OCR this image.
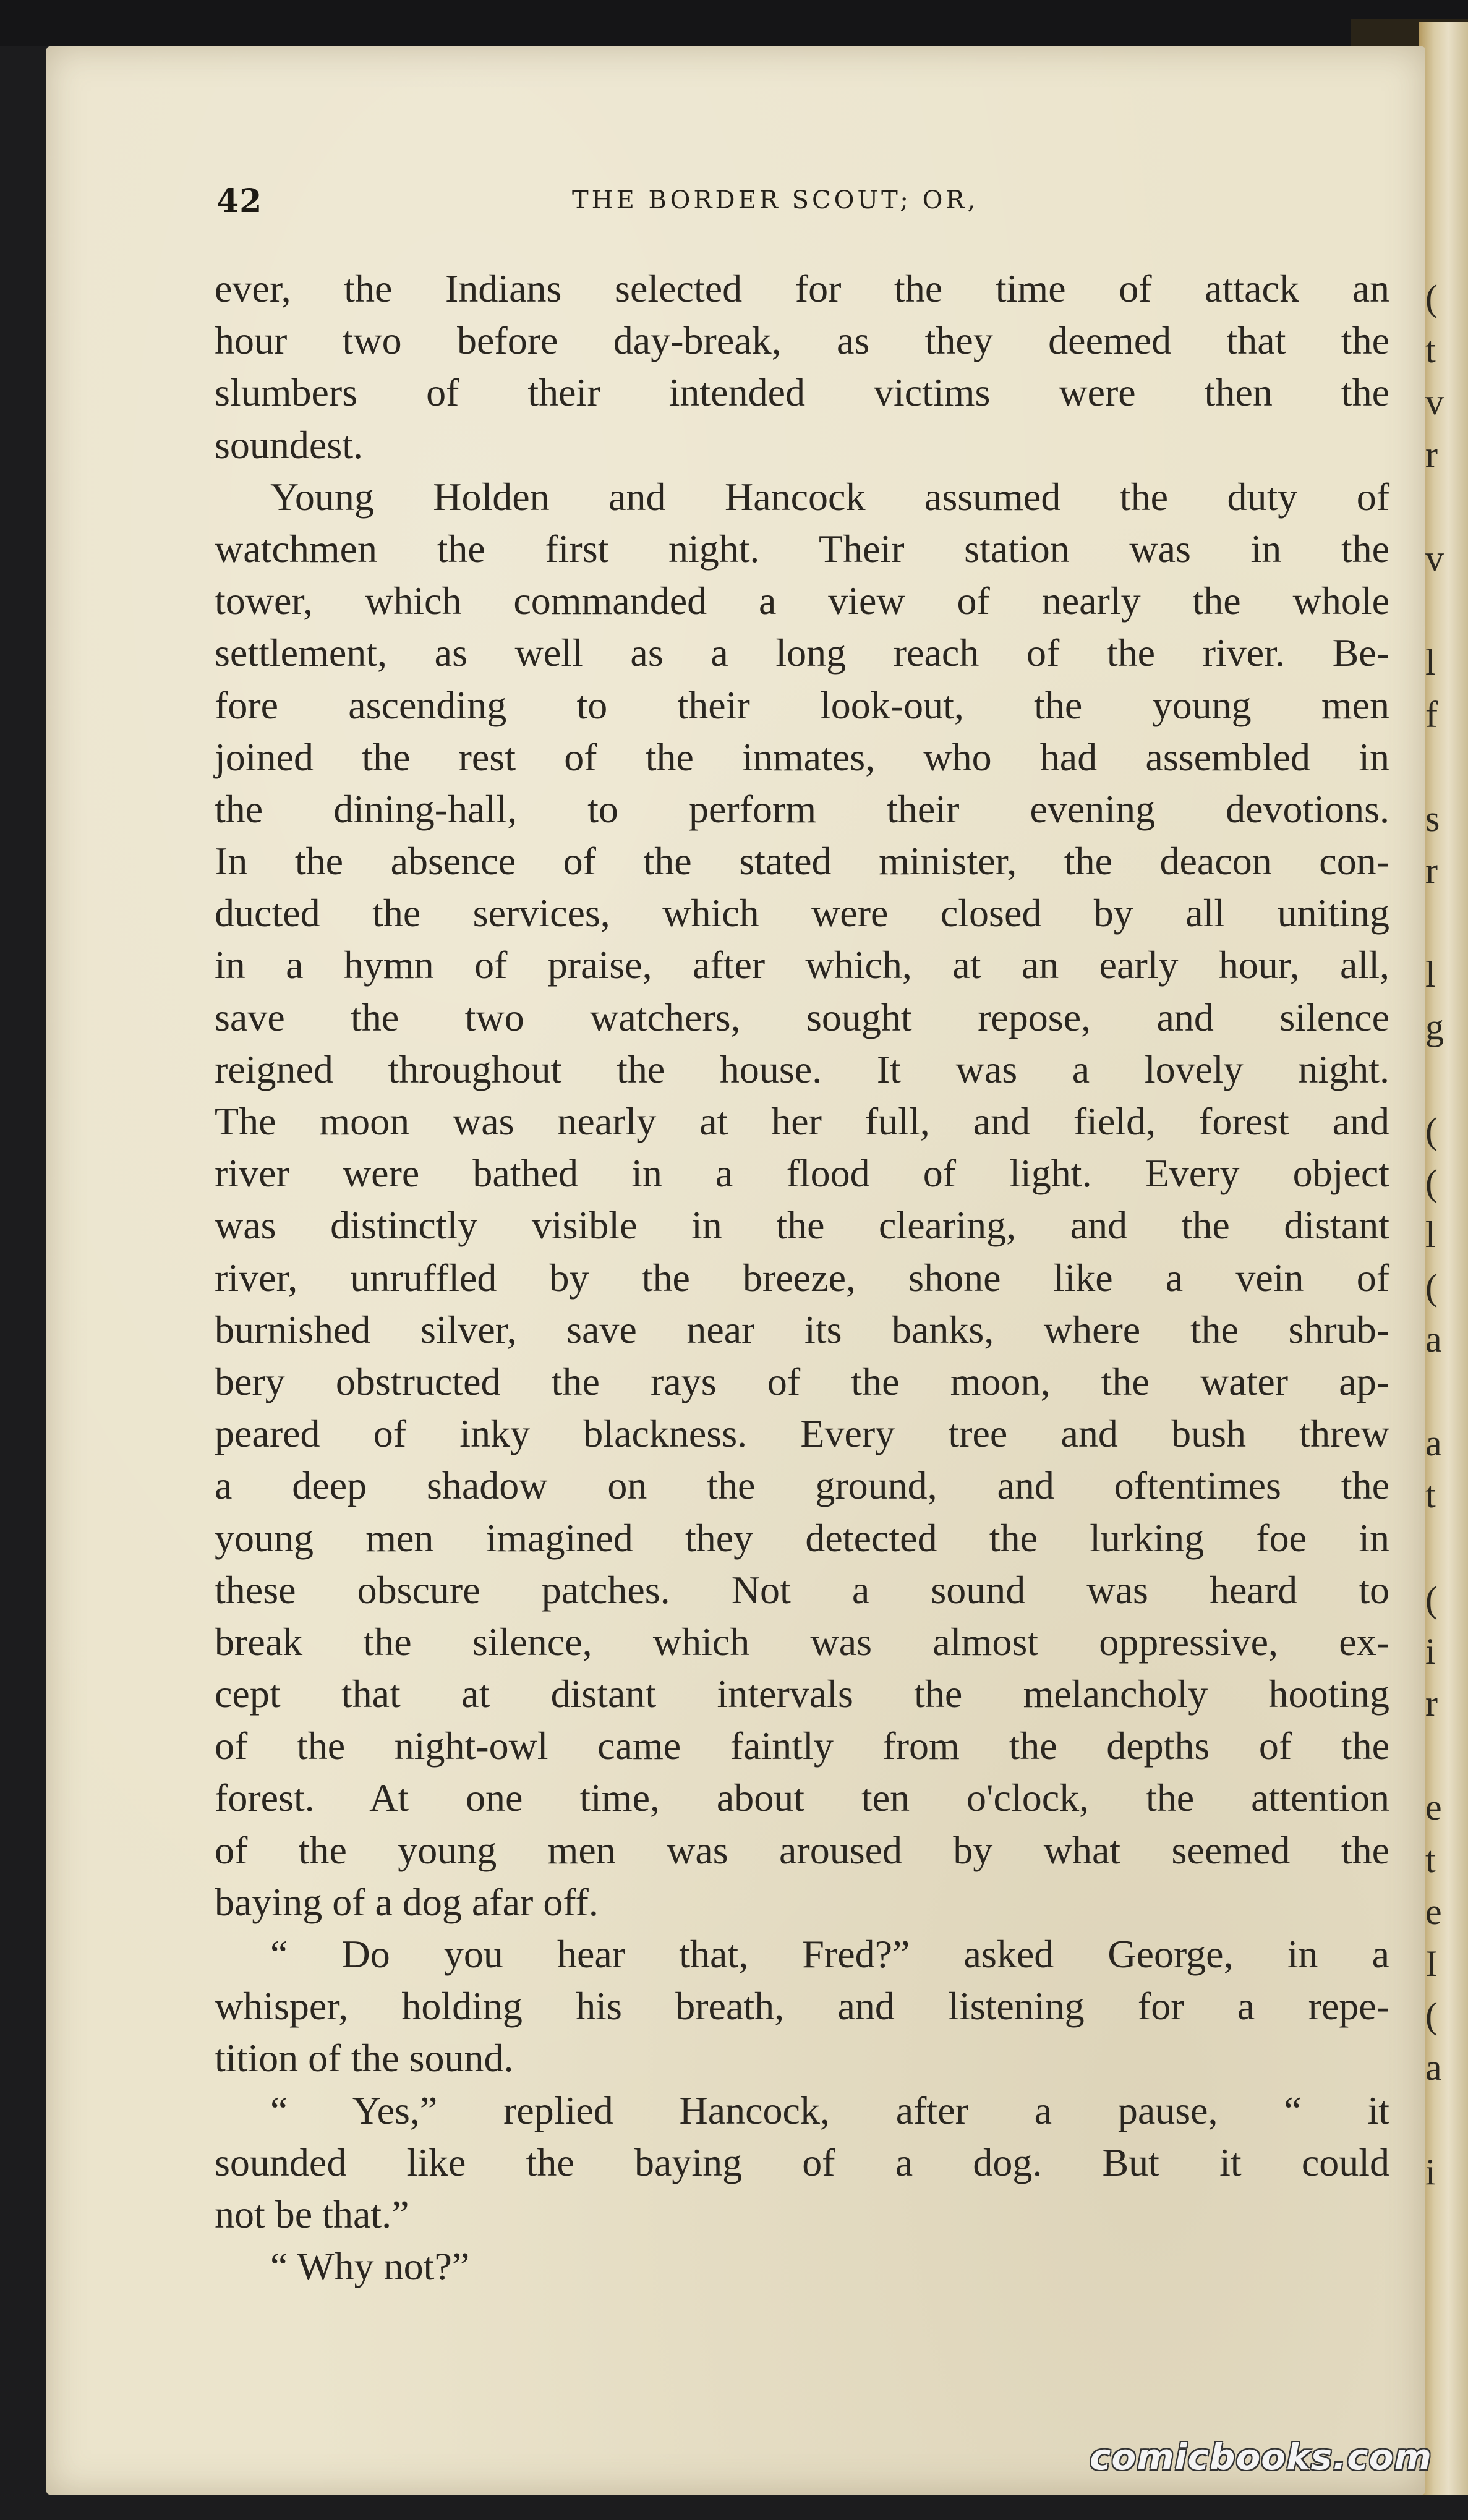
42	THE BORDER SCOUT; OR,
ever, the Indians selected for the time of attack an
hour two before day-break, as they deemed that the
slumbers of their intended victims were then the
soundest.
Young Holden and Hancock assumed the duty of
watchmen the first night. Their station was in the
tower, which commanded a view of nearly the whole
settlement, as well as a long reach of the river. Be-
fore ascending to their look-out, the young men
joined the rest of the inmates, who had assembled in
the dining-hall, to perform their evening devotions.
In the absence of the stated minister, the deacon con-
ducted the services, which were closed by all uniting
in a hymn of praise, after which, at an early hour, all,
save the two watchers, sought repose, and silence
reigned throughout the house. It was a lovely night.
The moon was nearly at her full, and field, forest and
river were bathed in a flood of light. Every object
was distinctly visible in the clearing, and the distant
river, unruffled by the breeze, shone like a vein of
burnished silver, save near its banks, where the shrub-
bery obstructed the rays of the moon, the water ap-
peared of inky blackness. Every tree and bush threw
a deep shadow on the ground, and oftentimes the
young men imagined they detected the lurking foe in
these obscure patches. Not a sound was heard to
break the silence, which was almost oppressive, ex-
cept that at distant intervals the melancholy hooting
of the night-owl came faintly from the depths of the
forest. At one time, about ten o'clock, the attention
of the young men was aroused by what seemed the
baying of a dog afar off.
“ Do you hear that, Fred?” asked George, in a
whisper, holding his breath, and listening for a repe-
tition of the sound.
“ Yes,” replied Hancock, after a pause, “ it
sounded like the baying of a dog. But it could
not be that.”
“ Why not?”
(
t
v
r
v
l
f
s
r
l
g
(
(
l
(
a
a
t
(
i
r
e
t
e
I
(
a
i
comicbooks.com
